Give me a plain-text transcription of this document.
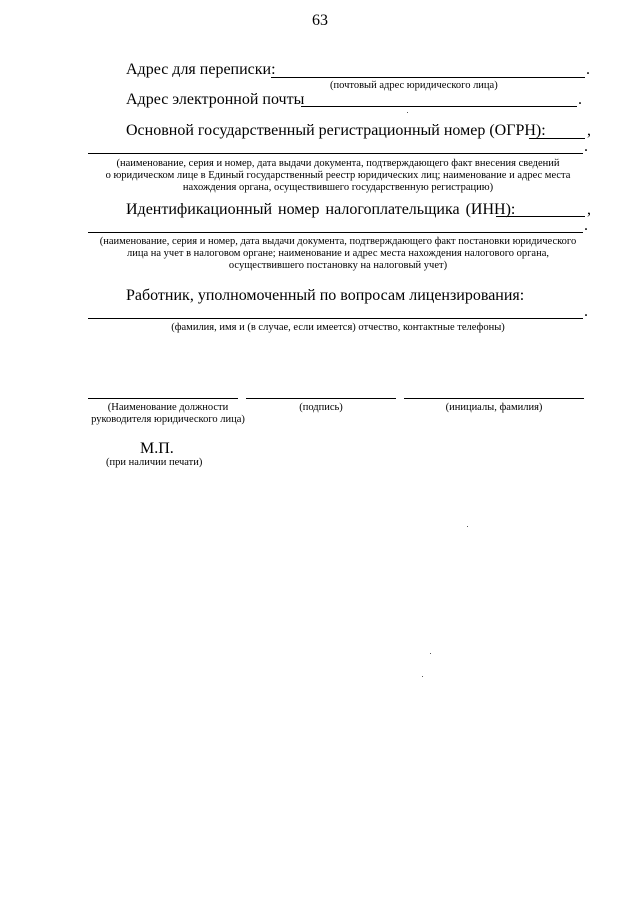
63
Адрес для переписки:	.
(почтовый адрес юридического лица)
Адрес электронной почты	.
Основной государственный регистрационный номер (ОГРН):	,
.
(наименование, серия и номер, дата выдачи документа, подтверждающего факт внесения сведений
о юридическом лице в Единый государственный реестр юридических лиц; наименование и адрес места
нахождения органа, осуществившего государственную регистрацию)
Идентификационный номер налогоплательщика (ИНН):	,
.
(наименование, серия и номер, дата выдачи документа, подтверждающего факт постановки юридического
лица на учет в налоговом органе; наименование и адрес места нахождения налогового органа,
осуществившего постановку на налоговый учет)
Работник, уполномоченный по вопросам лицензирования:
.
(фамилия, имя и (в случае, если имеется) отчество, контактные телефоны)
(Наименование должности
руководителя юридического лица)
(подпись)	(инициалы, фамилия)
М.П.
(при наличии печати)
